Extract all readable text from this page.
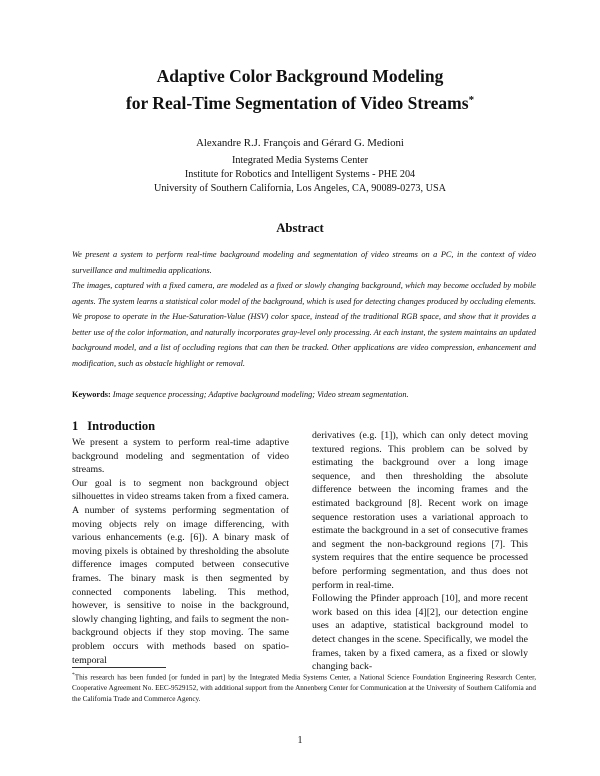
Adaptive Color Background Modeling
for Real-Time Segmentation of Video Streams*
Alexandre R.J. François and Gérard G. Medioni
Integrated Media Systems Center
Institute for Robotics and Intelligent Systems - PHE 204
University of Southern California, Los Angeles, CA, 90089-0273, USA
Abstract

We present a system to perform real-time background modeling and segmentation of video streams on a PC, in the context of video surveillance and multimedia applications.

The images, captured with a fixed camera, are modeled as a fixed or slowly changing background, which may become occluded by mobile agents. The system learns a statistical color model of the background, which is used for detecting changes produced by occluding elements. We propose to operate in the Hue-Saturation-Value (HSV) color space, instead of the traditional RGB space, and show that it provides a better use of the color information, and naturally incorporates gray-level only processing. At each instant, the system maintains an updated background model, and a list of occluding regions that can then be tracked. Other applications are video compression, enhancement and modification, such as obstacle highlight or removal.

Keywords: Image sequence processing; Adaptive background modeling; Video stream segmentation.
1 Introduction

We present a system to perform real-time adaptive background modeling and segmentation of video streams.

Our goal is to segment non background object silhouettes in video streams taken from a fixed camera. A number of systems performing segmentation of moving objects rely on image differencing, with various enhancements (e.g. [6]). A binary mask of moving pixels is obtained by thresholding the absolute difference images computed between consecutive frames. The binary mask is then segmented by connected components labeling. This method, however, is sensitive to noise in the background, slowly changing lighting, and fails to segment the non-background objects if they stop moving. The same problem occurs with methods based on spatio-temporal

derivatives (e.g. [1]), which can only detect moving textured regions. This problem can be solved by estimating the background over a long image sequence, and then thresholding the absolute difference between the incoming frames and the estimated background [8]. Recent work on image sequence restoration uses a variational approach to estimate the background in a set of consecutive frames and segment the non-background regions [7]. This system requires that the entire sequence be processed before performing segmentation, and thus does not perform in real-time.

Following the Pfinder approach [10], and more recent work based on this idea [4][2], our detection engine uses an adaptive, statistical background model to detect changes in the scene. Specifically, we model the frames, taken by a fixed camera, as a fixed or slowly changing back-

*This research has been funded [or funded in part] by the Integrated Media Systems Center, a National Science Foundation Engineering Research Center, Cooperative Agreement No. EEC-9529152, with additional support from the Annenberg Center for Communication at the University of Southern California and the California Trade and Commerce Agency.

1
